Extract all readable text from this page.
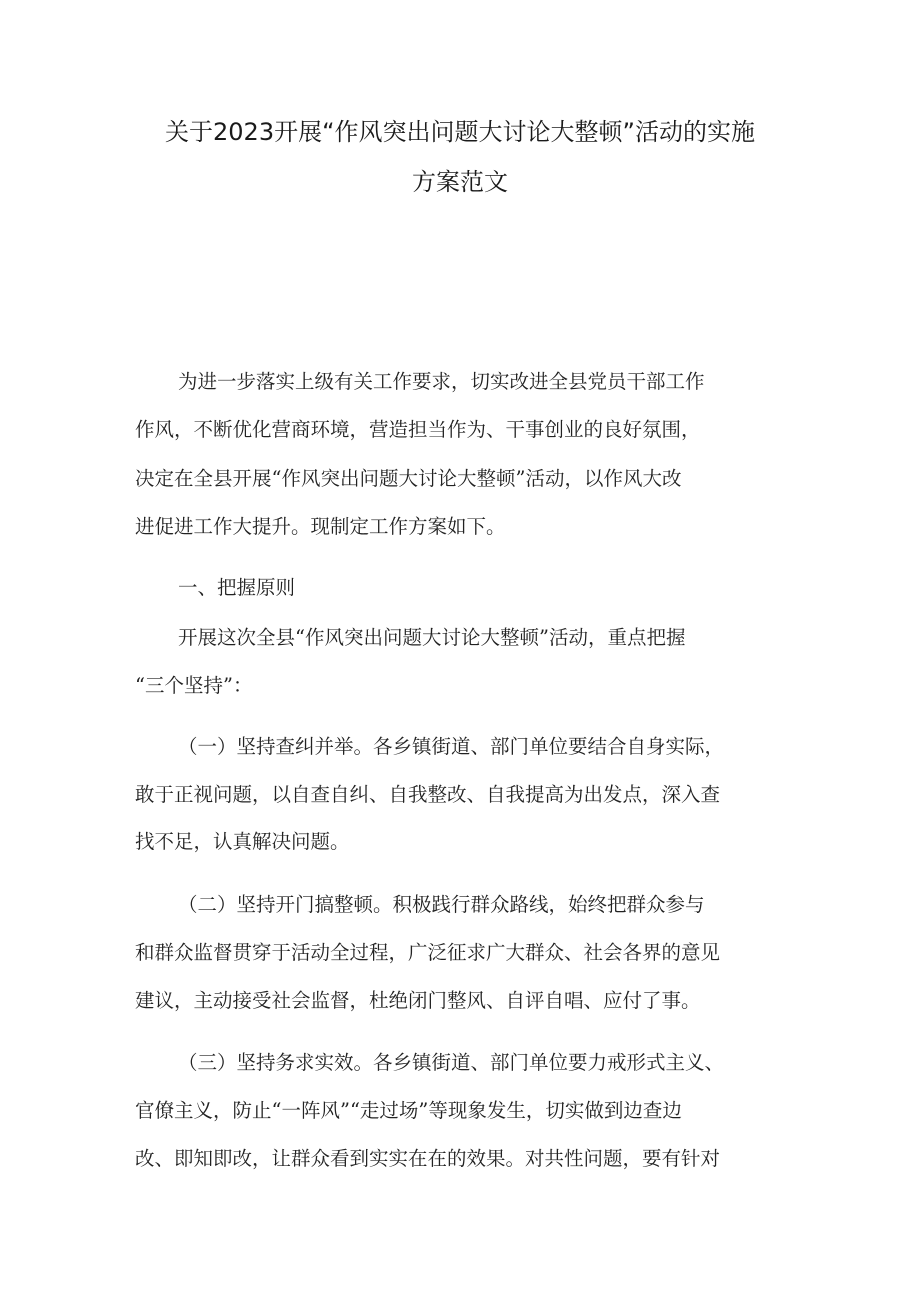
关于2023开展“作风突出问题大讨论大整顿”活动的实施
方案范文
为进一步落实上级有关工作要求，切实改进全县党员干部工作
作风，不断优化营商环境，营造担当作为、干事创业的良好氛围，
决定在全县开展“作风突出问题大讨论大整顿”活动，以作风大改
进促进工作大提升。现制定工作方案如下。
一、把握原则
开展这次全县“作风突出问题大讨论大整顿”活动，重点把握
“三个坚持”：
（一）坚持查纠并举。各乡镇街道、部门单位要结合自身实际，
敢于正视问题，以自查自纠、自我整改、自我提高为出发点，深入查
找不足，认真解决问题。
（二）坚持开门搞整顿。积极践行群众路线，始终把群众参与
和群众监督贯穿于活动全过程，广泛征求广大群众、社会各界的意见
建议，主动接受社会监督，杜绝闭门整风、自评自唱、应付了事。
（三）坚持务求实效。各乡镇街道、部门单位要力戒形式主义、
官僚主义，防止“一阵风”“走过场”等现象发生，切实做到边查边
改、即知即改，让群众看到实实在在的效果。对共性问题，要有针对
